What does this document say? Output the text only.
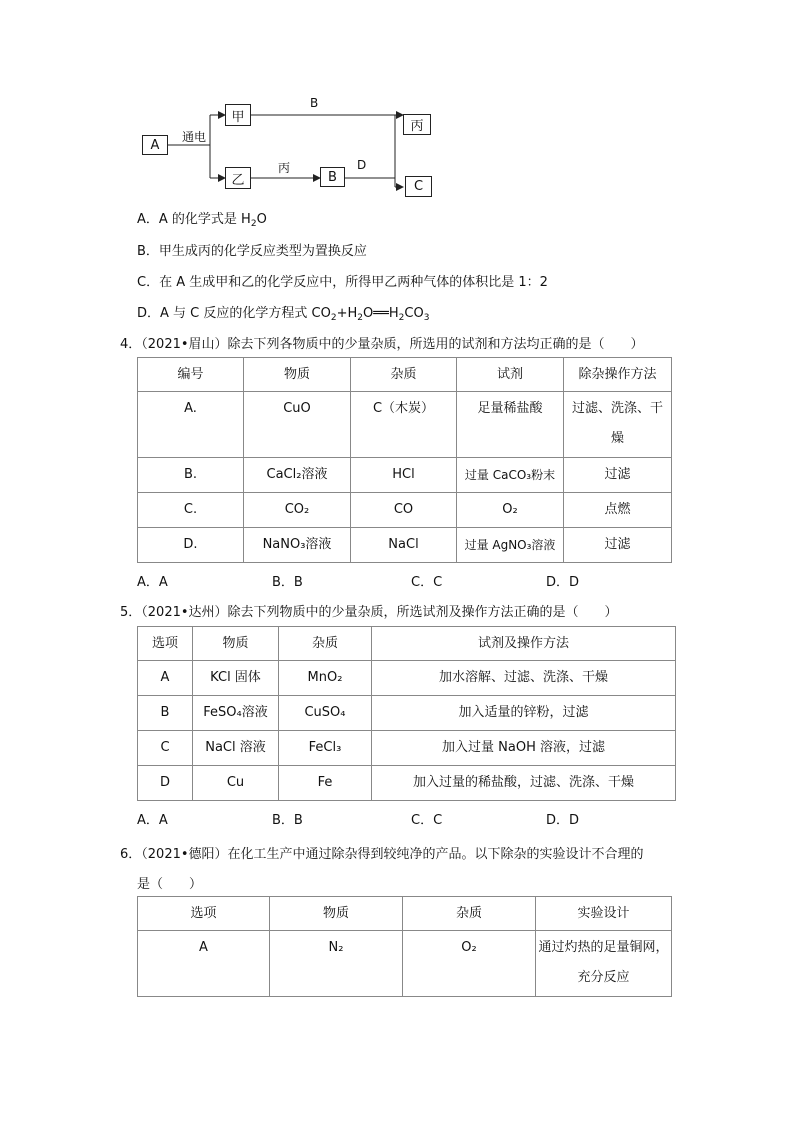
A
甲
乙	B
丙
C
通电
B
丙	D
A．A 的化学式是 $H_2O$
B．甲生成丙的化学反应类型为置换反应
C．在 A 生成甲和乙的化学反应中，所得甲乙两种气体的体积比是 1：2
D．A 与 C 反应的化学方程式 $CO_2+H_2O══H_2CO_3$
4．（2021•眉山）除去下列各物质中的少量杂质，所选用的试剂和方法均正确的是（　　）
编号	物质	杂质	试剂	除杂操作方法
A.	CuO	C（木炭）	足量稀盐酸	过滤、洗涤、干燥
B.	CaCl₂溶液	HCl	过量 CaCO₃粉末	过滤
C.	CO₂	CO	O₂	点燃
D.	NaNO₃溶液	NaCl	过量 AgNO₃溶液	过滤
A．A	B．B	C．C	D．D
5．（2021•达州）除去下列物质中的少量杂质，所选试剂及操作方法正确的是（　　）
选项	物质	杂质	试剂及操作方法
A	KCl 固体	MnO₂	加水溶解、过滤、洗涤、干燥
B	FeSO₄溶液	CuSO₄	加入适量的锌粉，过滤
C	NaCl 溶液	FeCl₃	加入过量 NaOH 溶液，过滤
D	Cu	Fe	加入过量的稀盐酸，过滤、洗涤、干燥
A．A	B．B	C．C	D．D
6．（2021•德阳）在化工生产中通过除杂得到较纯净的产品。以下除杂的实验设计不合理的
是（　　）
选项	物质	杂质	实验设计
A	N₂	O₂	通过灼热的足量铜网，充分反应
